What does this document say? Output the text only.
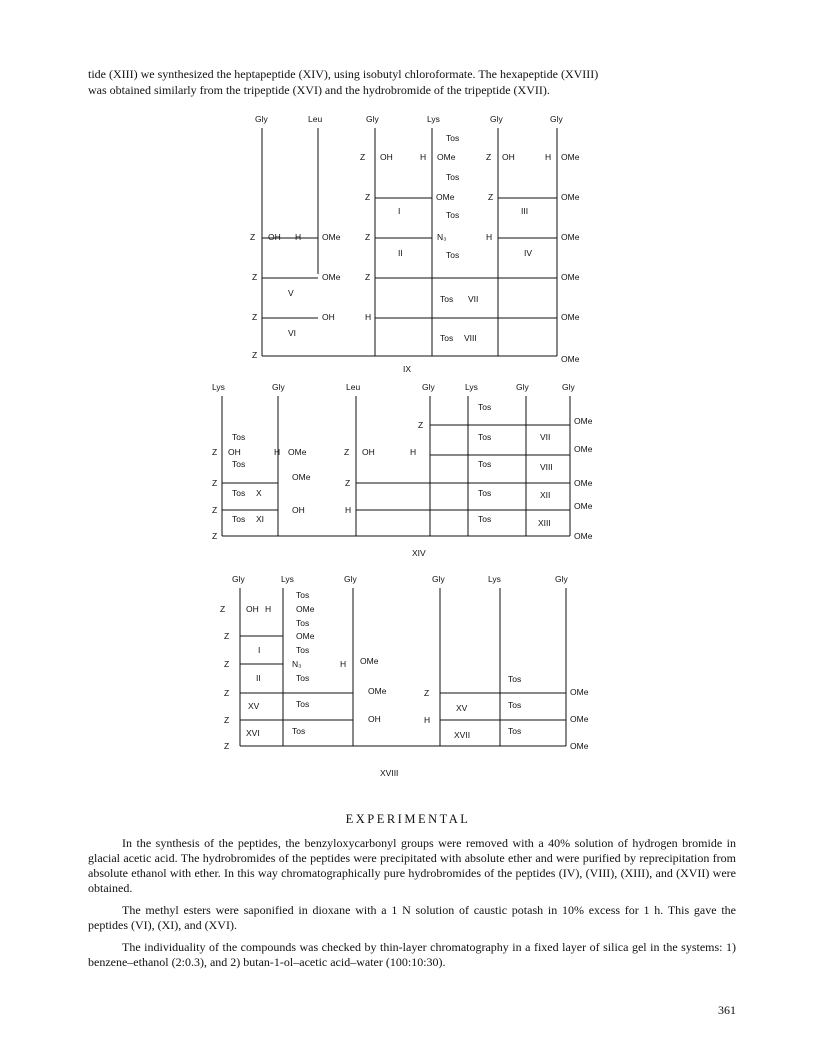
tide (XIII) we synthesized the heptapeptide (XIV), using isobutyl chloroformate. The hexapeptide (XVIII)

was obtained similarly from the tripeptide (XVI) and the hydrobromide of the tripeptide (XVII).

Gly	Leu	Gly	Lys	Gly	Gly
Z OH	H OMe
Tos
Z OH	H OMe
Tos
Z	OMe	Z	OMe
I	III
Tos
Z OH H OMe	Z	N₃	H	OMe
II	IV
Tos
Z	OMe	Z	OMe
V
Tos VII
Z	OH	H	OMe
VI	Tos VIII
Z	OMe
IX
Lys	Gly	Leu	Gly	Lys	Gly	Gly
Tos
Z	OMe
Tos	Tos	VII
Z OH	H OMe	Z OH	H	OMe
Tos	Tos	VIII
Z
OMe
Z	OMe
Tos X	Tos	XII
Z	OH	H	OMe
Tos XI	Tos	XIII
Z	OMe
XIV
Gly	Lys	Gly	Gly	Lys	Gly
Tos
Z OH H	OMe
Tos
Z	OMe
I	Tos
Z	N₃	H OMe
II	Tos	Tos
Z	OMe	Z	OMe
XV	Tos	XV	Tos
Z	OH	H	OMe
XVI	Tos	XVII	Tos
Z	OMe
XVIII
EXPERIMENTAL

In the synthesis of the peptides, the benzyloxycarbonyl groups were removed with a 40% solution of hydrogen bromide in glacial acetic acid. The hydrobromides of the peptides were precipitated with absolute ether and were purified by reprecipitation from absolute ethanol with ether. In this way chromatographically pure hydrobromides of the peptides (IV), (VIII), (XIII), and (XVII) were obtained.

The methyl esters were saponified in dioxane with a 1 N solution of caustic potash in 10% excess for 1 h. This gave the peptides (VI), (XI), and (XVI).

The individuality of the compounds was checked by thin-layer chromatography in a fixed layer of silica gel in the systems: 1) benzene–ethanol (2:0.3), and 2) butan-1-ol–acetic acid–water (100:10:30).

361
